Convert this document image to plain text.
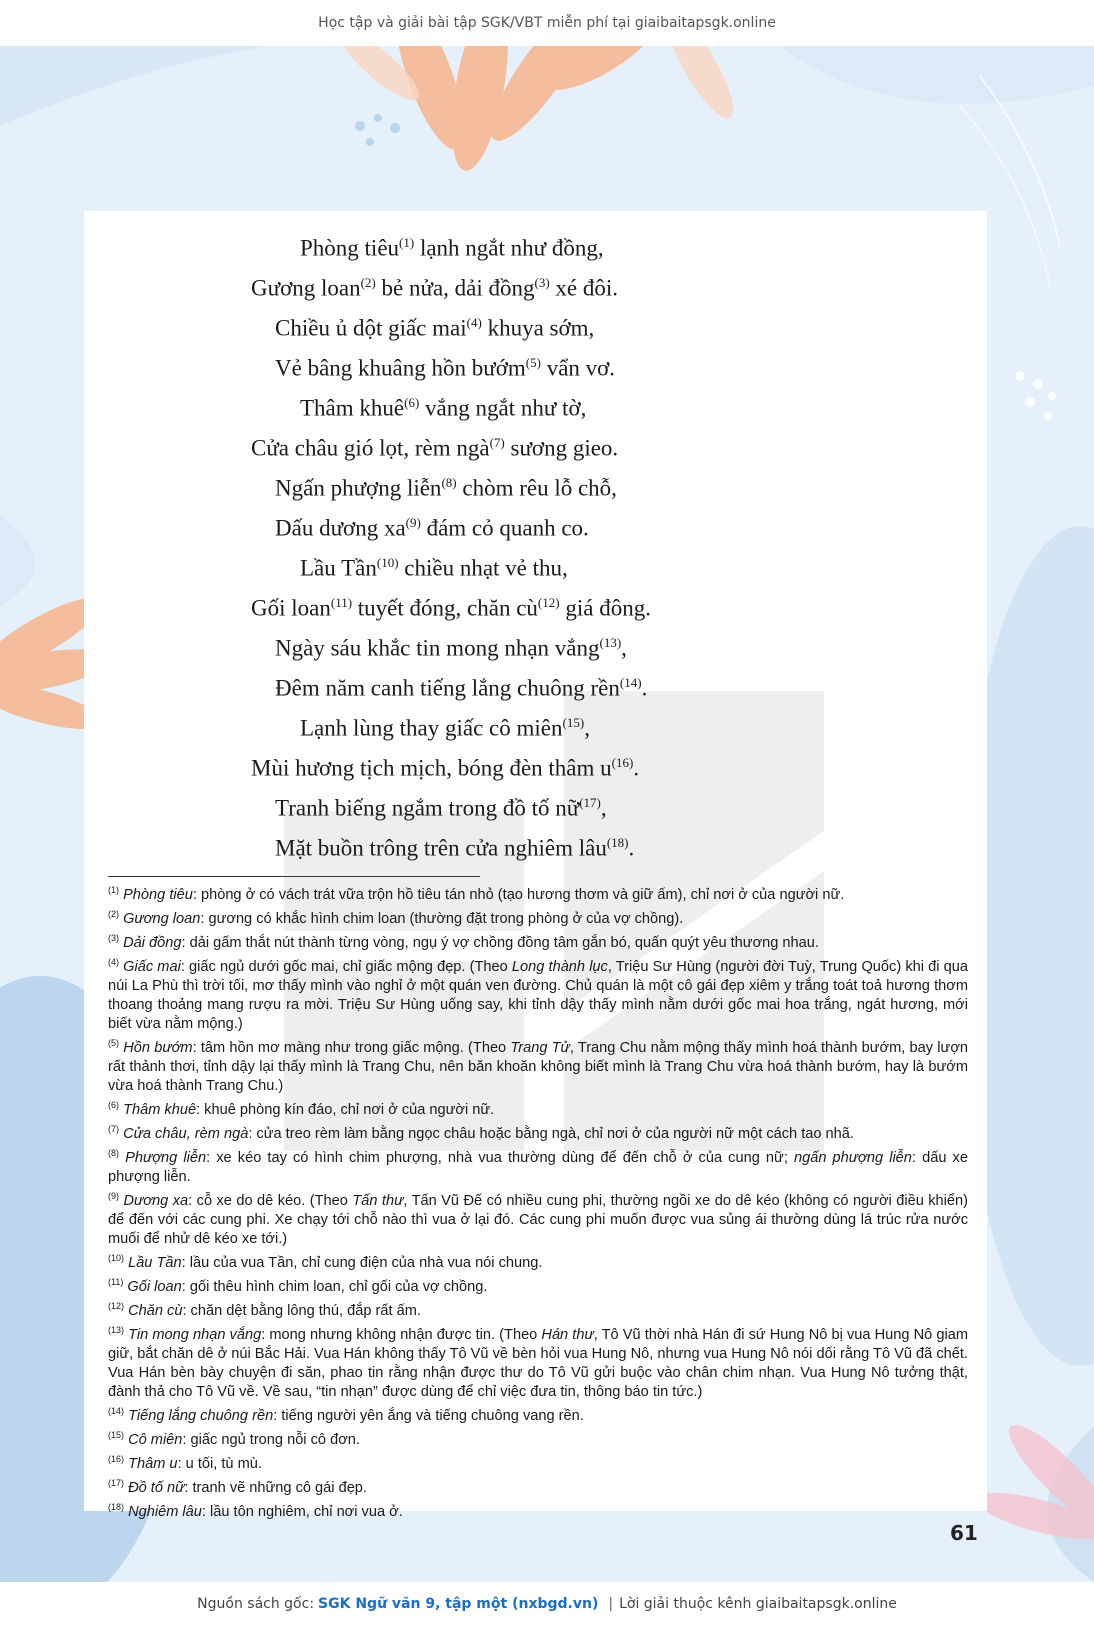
Học tập và giải bài tập SGK/VBT miễn phí tại giaibaitapsgk.online
Phòng tiêu$^{(1)}$ lạnh ngắt như đồng,
Gương loan$^{(2)}$ bẻ nửa, dải đồng$^{(3)}$ xé đôi.
Chiều ủ dột giấc mai$^{(4)}$ khuya sớm,
Vẻ bâng khuâng hồn bướm$^{(5)}$ vẩn vơ.
Thâm khuê$^{(6)}$ vắng ngắt như tờ,
Cửa châu gió lọt, rèm ngà$^{(7)}$ sương gieo.
Ngấn phượng liễn$^{(8)}$ chòm rêu lỗ chỗ,
Dấu dương $xa^{(9)}$ đám cỏ quanh co.
Lầu Tần$^{(10)}$ chiều nhạt vẻ thu,
Gối loan$^{(11)}$ tuyết đóng, chăn $cù^{(12)}$ giá đông.
Ngày sáu khắc tin mong nhạn vắng$^{(13)}$,
Đêm năm canh tiếng lắng chuông rền$^{(14)}$.
Lạnh lùng thay giấc cô miên$^{(15)}$,
Mùi hương tịch mịch, bóng đèn thâm $u^{(16)}$.
Tranh biếng ngắm trong đồ tố nữ$^{(17)}$,
Mặt buồn trông trên cửa nghiêm lâu$^{(18)}$.

$^{(1)}$ Phòng tiêu: phòng ở có vách trát vữa trộn hồ tiêu tán nhỏ (tạo hương thơm và giữ ấm), chỉ nơi ở của người nữ.

$^{(2)}$ Gương loan: gương có khắc hình chim loan (thường đặt trong phòng ở của vợ chồng).

$^{(3)}$ Dải đồng: dải gấm thắt nút thành từng vòng, ngụ ý vợ chồng đồng tâm gắn bó, quấn quýt yêu thương nhau.

$^{(4)}$ Giấc mai: giấc ngủ dưới gốc mai, chỉ giấc mộng đẹp. (Theo Long thành lục, Triệu Sư Hùng (người đời Tuỳ, Trung Quốc) khi đi qua núi La Phù thì trời tối, mơ thấy mình vào nghỉ ở một quán ven đường. Chủ quán là một cô gái đẹp xiêm y trắng toát toả hương thơm thoang thoảng mang rượu ra mời. Triệu Sư Hùng uống say, khi tỉnh dậy thấy mình nằm dưới gốc mai hoa trắng, ngát hương, mới biết vừa nằm mộng.)

$^{(5)}$ Hồn bướm: tâm hồn mơ màng như trong giấc mộng. (Theo Trang Tử, Trang Chu nằm mộng thấy mình hoá thành bướm, bay lượn rất thảnh thơi, tỉnh dậy lại thấy mình là Trang Chu, nên băn khoăn không biết mình là Trang Chu vừa hoá thành bướm, hay là bướm vừa hoá thành Trang Chu.)

$^{(6)}$ Thâm khuê: khuê phòng kín đáo, chỉ nơi ở của người nữ.

$^{(7)}$ Cửa châu, rèm ngà: cửa treo rèm làm bằng ngọc châu hoặc bằng ngà, chỉ nơi ở của người nữ một cách tao nhã.

$^{(8)}$ Phượng liễn: xe kéo tay có hình chim phượng, nhà vua thường dùng để đến chỗ ở của cung nữ; ngấn phượng liễn: dấu xe phượng liễn.

$^{(9)}$ Dương xa: cỗ xe do dê kéo. (Theo Tấn thư, Tấn Vũ Đế có nhiều cung phi, thường ngồi xe do dê kéo (không có người điều khiển) để đến với các cung phi. Xe chạy tới chỗ nào thì vua ở lại đó. Các cung phi muốn được vua sủng ái thường dùng lá trúc rửa nước muối để nhử dê kéo xe tới.)

$^{(10)}$ Lầu Tần: lầu của vua Tần, chỉ cung điện của nhà vua nói chung.

$^{(11)}$ Gối loan: gối thêu hình chim loan, chỉ gối của vợ chồng.

$^{(12)}$ Chăn cù: chăn dệt bằng lông thú, đắp rất ấm.

$^{(13)}$ Tin mong nhạn vắng: mong nhưng không nhận được tin. (Theo Hán thư, Tô Vũ thời nhà Hán đi sứ Hung Nô bị vua Hung Nô giam giữ, bắt chăn dê ở núi Bắc Hải. Vua Hán không thấy Tô Vũ về bèn hỏi vua Hung Nô, nhưng vua Hung Nô nói dối rằng Tô Vũ đã chết. Vua Hán bèn bày chuyện đi săn, phao tin rằng nhận được thư do Tô Vũ gửi buộc vào chân chim nhạn. Vua Hung Nô tưởng thật, đành thả cho Tô Vũ về. Về sau, “tin nhạn” được dùng để chỉ việc đưa tin, thông báo tin tức.)

$^{(14)}$ Tiếng lắng chuông rền: tiếng người yên ắng và tiếng chuông vang rền.

$^{(15)}$ Cô miên: giấc ngủ trong nỗi cô đơn.

$^{(16)}$ Thâm u: u tối, tù mù.

$^{(17)}$ Đồ tố nữ: tranh vẽ những cô gái đẹp.

$^{(18)}$ Nghiêm lâu: lầu tôn nghiêm, chỉ nơi vua ở.

61
Nguồn sách gốc: SGK Ngữ văn 9, tập một (nxbgd.vn) | Lời giải thuộc kênh giaibaitapsgk.online
